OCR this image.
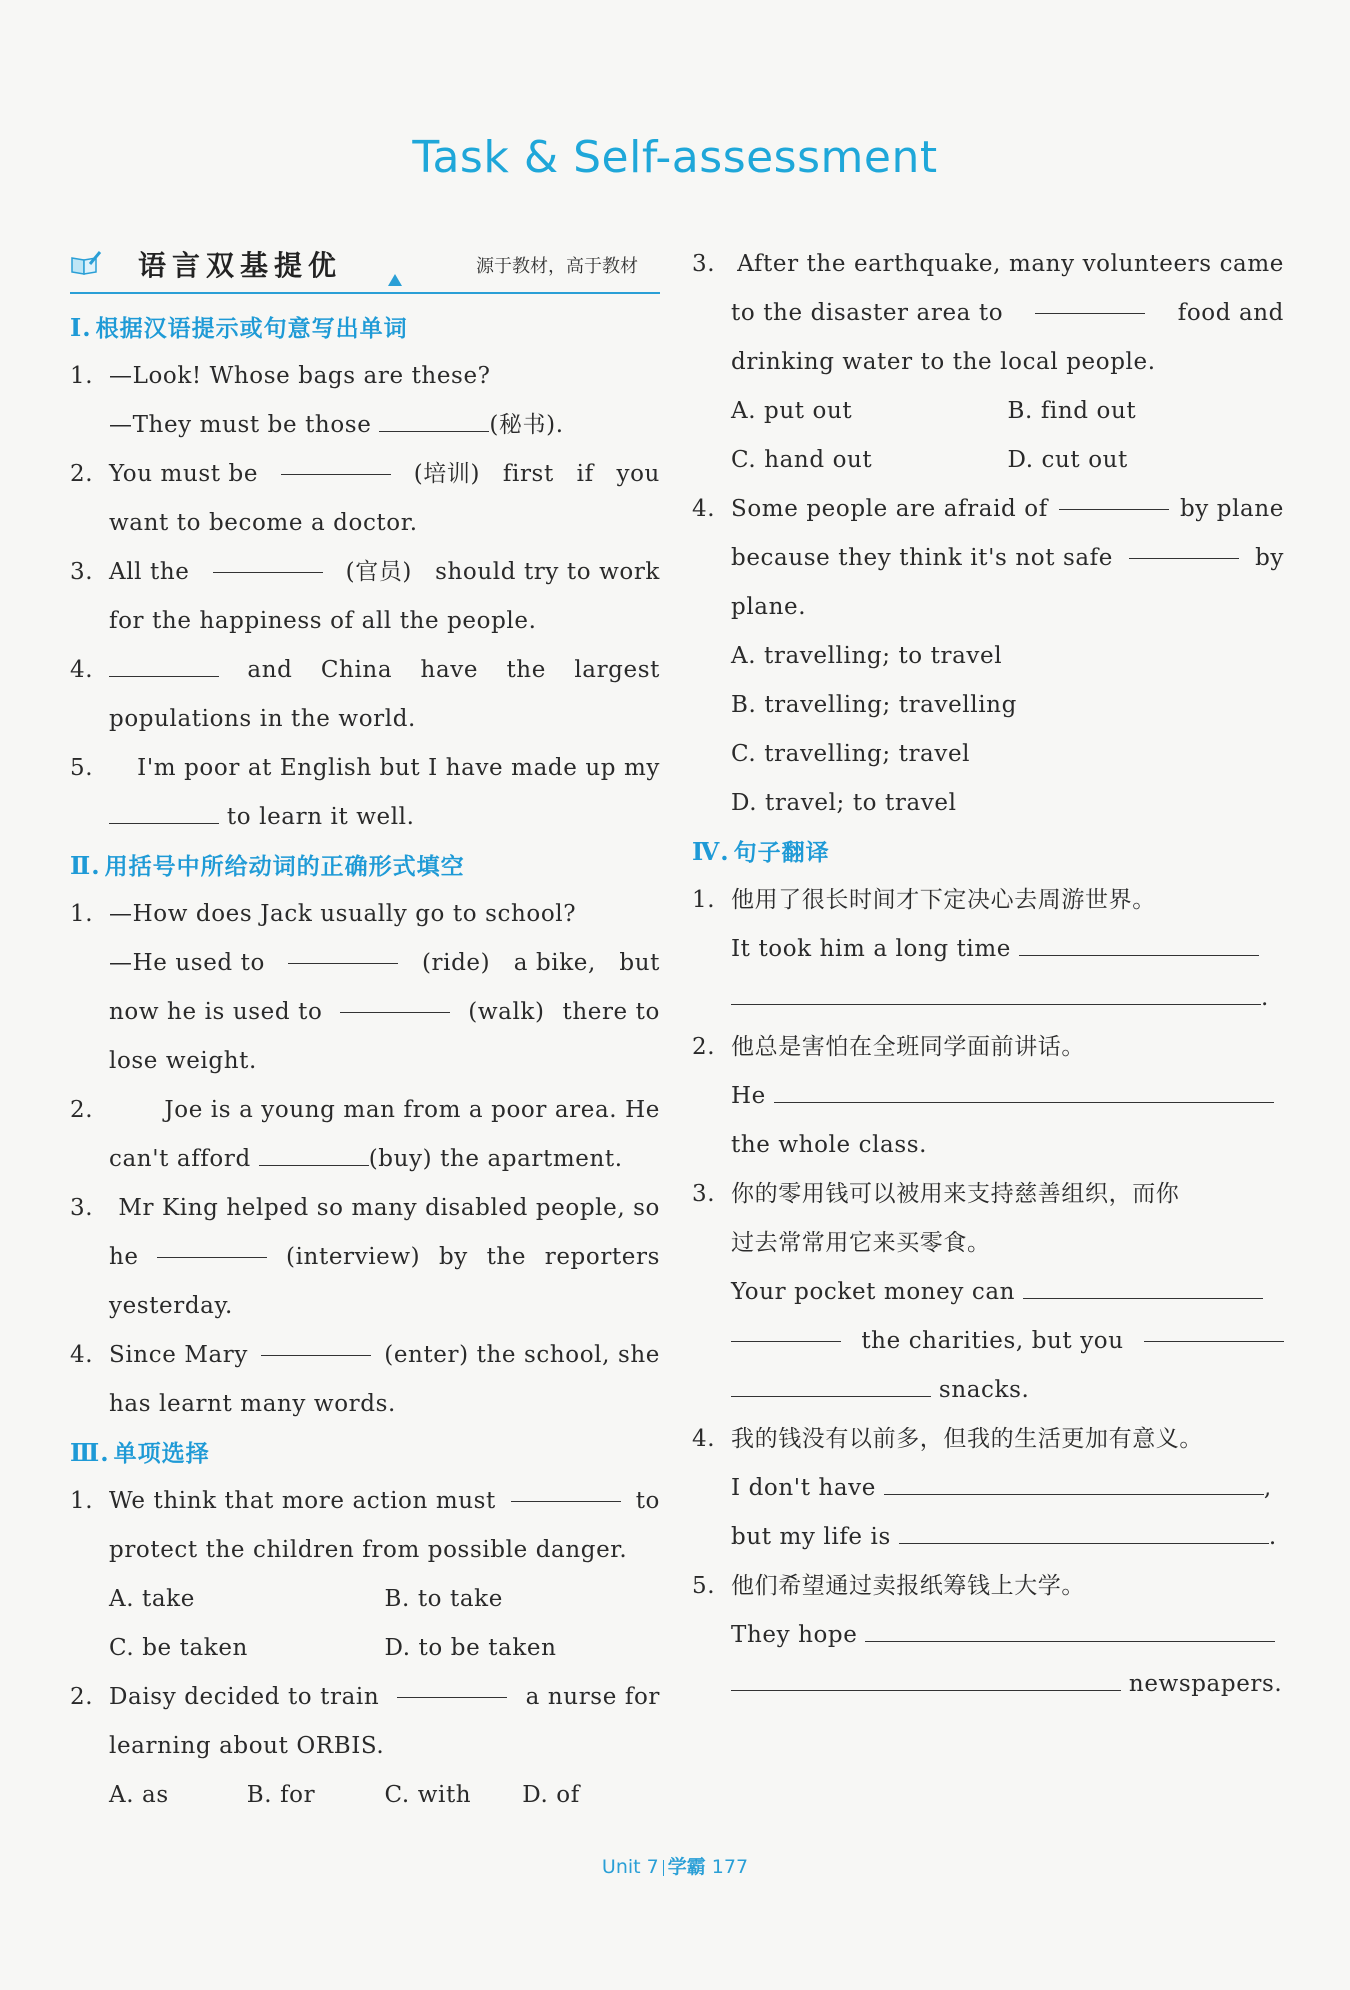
Task & Self-assessment
语言双基提优	源于教材，高于教材
Ⅰ. 根据汉语提示或句意写出单词
1. —Look! Whose bags are these?
—They must be those	(秘书).
2. You must be	(培训) first if you
want to become a doctor.
3. All the	(官员) should try to work
for the happiness of all the people.
4.	and China have the largest
populations in the world.
5.	I'm poor at English but I have made up my
to learn it well.
Ⅱ. 用括号中所给动词的正确形式填空
1. —How does Jack usually go to school?
—He used to	(ride) a bike, but
now he is used to	(walk) there to
lose weight.
2.	Joe is a young man from a poor area. He
can't afford	(buy) the apartment.
3.	Mr King helped so many disabled people, so
he	(interview) by the reporters
yesterday.
4. Since Mary	(enter) the school, she
has learnt many words.
Ⅲ. 单项选择
1. We think that more action must	to
protect the children from possible danger.
A. take	B. to take
C. be taken	D. to be taken
2. Daisy decided to train	a nurse for
learning about ORBIS.
A. as	B. for	C. with	D. of
3. After the earthquake, many volunteers came
to the disaster area to	food and
drinking water to the local people.
A. put out	B. find out
C. hand out	D. cut out
4. Some people are afraid of	by plane
because they think it's not safe	by
plane.
A. travelling; to travel
B. travelling; travelling
C. travelling; travel
D. travel; to travel
Ⅳ. 句子翻译
1. 他用了很长时间才下定决心去周游世界。
It took him a long time
.
2. 他总是害怕在全班同学面前讲话。
He
the whole class.
3. 你的零用钱可以被用来支持慈善组织，而你
过去常常用它来买零食。
Your pocket money can
the charities, but you
snacks.
4. 我的钱没有以前多，但我的生活更加有意义。
I don't have	,
but my life is	.
5. 他们希望通过卖报纸筹钱上大学。
They hope
newspapers.
Unit 7 学霸 177
